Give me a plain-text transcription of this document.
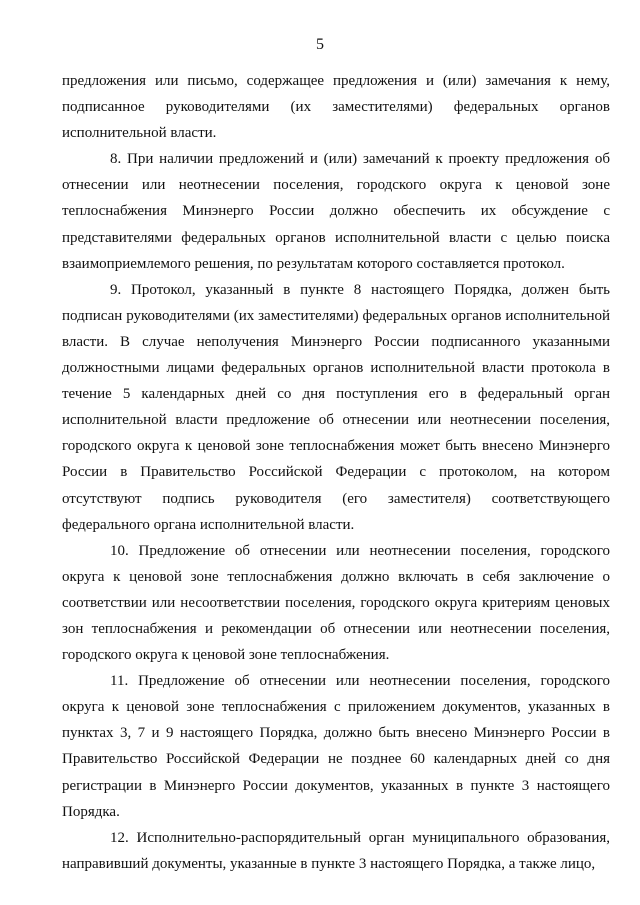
5

предложения или письмо, содержащее предложения и (или) замечания к нему, подписанное руководителями (их заместителями) федеральных органов исполнительной власти.

8. При наличии предложений и (или) замечаний к проекту предложения об отнесении или неотнесении поселения, городского округа к ценовой зоне теплоснабжения Минэнерго России должно обеспечить их обсуждение с представителями федеральных органов исполнительной власти с целью поиска взаимоприемлемого решения, по результатам которого составляется протокол.

9. Протокол, указанный в пункте 8 настоящего Порядка, должен быть подписан руководителями (их заместителями) федеральных органов исполнительной власти. В случае неполучения Минэнерго России подписанного указанными должностными лицами федеральных органов исполнительной власти протокола в течение 5 календарных дней со дня поступления его в федеральный орган исполнительной власти предложение об отнесении или неотнесении поселения, городского округа к ценовой зоне теплоснабжения может быть внесено Минэнерго России в Правительство Российской Федерации с протоколом, на котором отсутствуют подпись руководителя (его заместителя) соответствующего федерального органа исполнительной власти.

10. Предложение об отнесении или неотнесении поселения, городского округа к ценовой зоне теплоснабжения должно включать в себя заключение о соответствии или несоответствии поселения, городского округа критериям ценовых зон теплоснабжения и рекомендации об отнесении или неотнесении поселения, городского округа к ценовой зоне теплоснабжения.

11. Предложение об отнесении или неотнесении поселения, городского округа к ценовой зоне теплоснабжения с приложением документов, указанных в пунктах 3, 7 и 9 настоящего Порядка, должно быть внесено Минэнерго России в Правительство Российской Федерации не позднее 60 календарных дней со дня регистрации в Минэнерго России документов, указанных в пункте 3 настоящего Порядка.

12. Исполнительно-распорядительный орган муниципального образования, направивший документы, указанные в пункте 3 настоящего Порядка, а также лицо,
